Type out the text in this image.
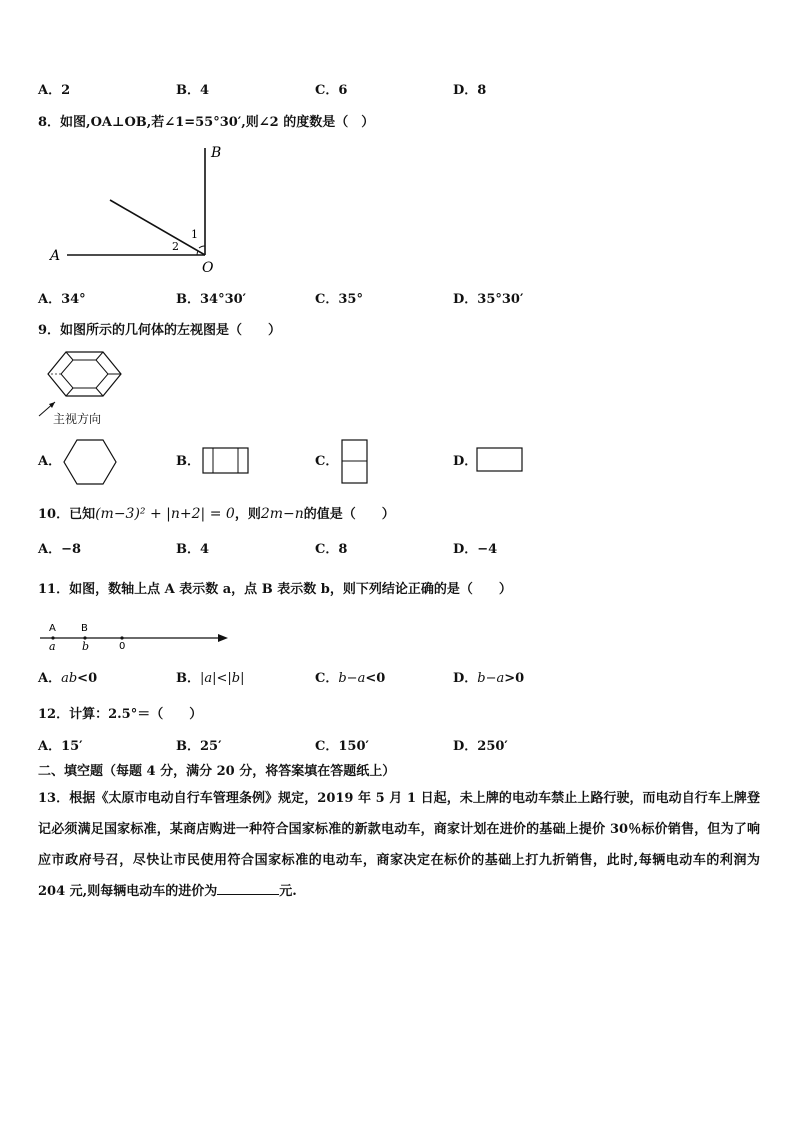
A．2	B．4	C．6	D．8
8．如图,OA⊥OB,若∠1=55°30′,则∠2 的度数是（　）
A
B
O
1
2
A．34°	B．34°30′	C．35°	D．35°30′
9．如图所示的几何体的左视图是（　　）
主视方向
A．	B．	C．	D．
10．已知(m−3)² + |n+2| = 0，则2m−n的值是（　　）
A．−8	B．4	C．8	D．−4
11．如图，数轴上点 A 表示数 a，点 B 表示数 b，则下列结论正确的是（　　）
A	B
a b	0
A．ab<0	B．|a|<|b|	C．b−a<0	D．b−a>0
12．计算：2.5°＝（　　）
A．15′	B．25′	C．150′	D．250′
二、填空题（每题 4 分，满分 20 分，将答案填在答题纸上）
13．根据《太原市电动自行车管理条例》规定，2019 年 5 月 1 日起，未上牌的电动车禁止上路行驶，而电动自行车上牌登记必须满足国家标准，某商店购进一种符合国家标准的新款电动车，商家计划在进价的基础上提价 30％标价销售，但为了响应市政府号召，尽快让市民使用符合国家标准的电动车，商家决定在标价的基础上打九折销售，此时,每辆电动车的利润为 204 元,则每辆电动车的进价为	元.
